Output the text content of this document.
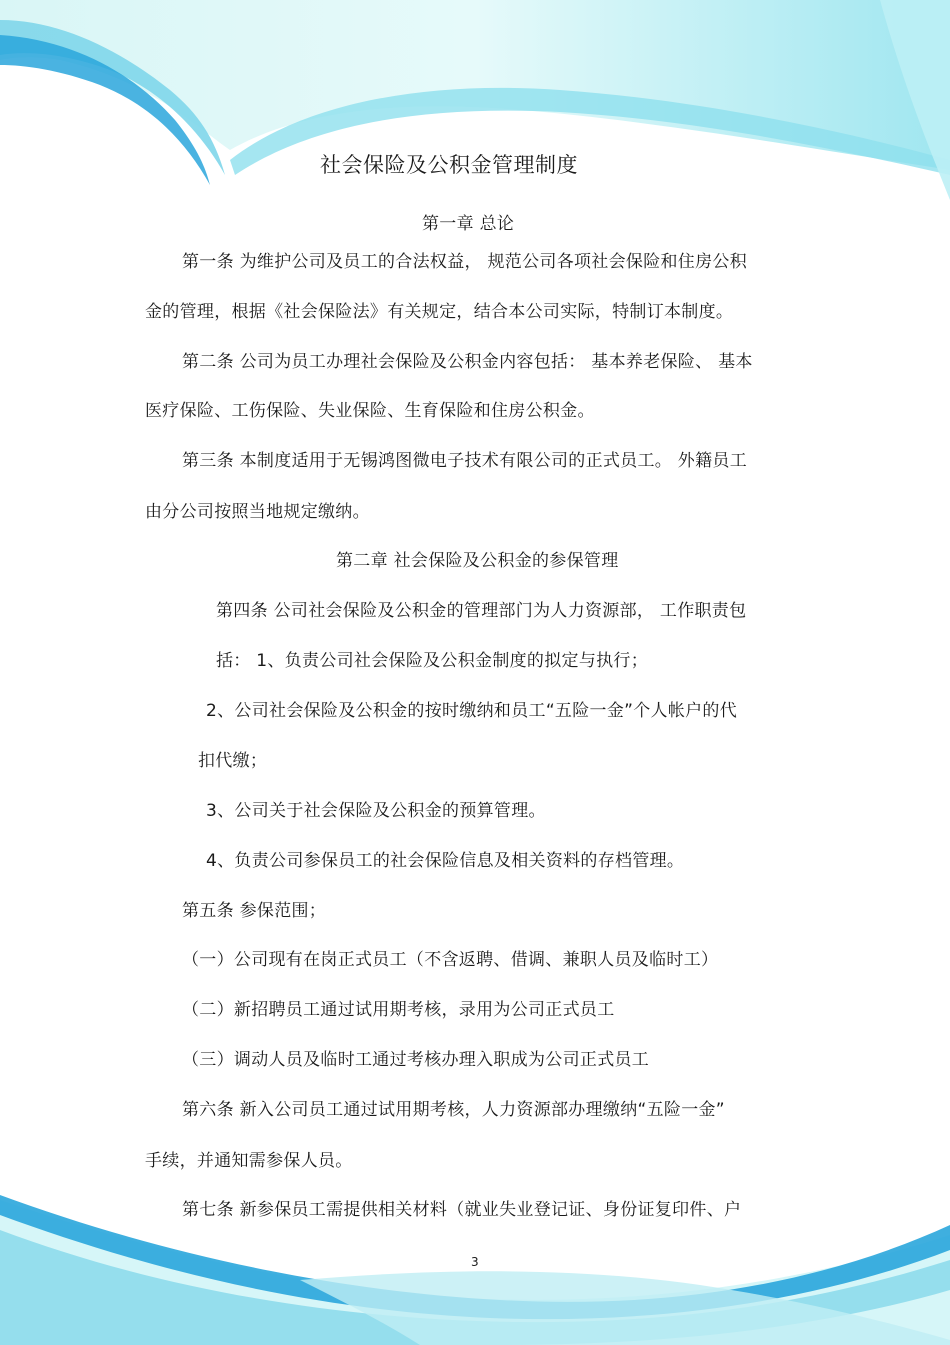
社会保险及公积金管理制度
第一章 总论
第一条 为维护公司及员工的合法权益， 规范公司各项社会保险和住房公积
金的管理，根据《社会保险法》有关规定，结合本公司实际，特制订本制度。
第二条 公司为员工办理社会保险及公积金内容包括： 基本养老保险、 基本
医疗保险、工伤保险、失业保险、生育保险和住房公积金。
第三条 本制度适用于无锡鸿图微电子技术有限公司的正式员工。 外籍员工
由分公司按照当地规定缴纳。
第二章 社会保险及公积金的参保管理
第四条 公司社会保险及公积金的管理部门为人力资源部， 工作职责包
括： 1、负责公司社会保险及公积金制度的拟定与执行；
2、公司社会保险及公积金的按时缴纳和员工“五险一金”个人帐户的代
扣代缴；
3、公司关于社会保险及公积金的预算管理。
4、负责公司参保员工的社会保险信息及相关资料的存档管理。
第五条 参保范围；
（一）公司现有在岗正式员工（不含返聘、借调、兼职人员及临时工）
（二）新招聘员工通过试用期考核，录用为公司正式员工
（三）调动人员及临时工通过考核办理入职成为公司正式员工
第六条 新入公司员工通过试用期考核，人力资源部办理缴纳“五险一金”
手续，并通知需参保人员。
第七条 新参保员工需提供相关材料（就业失业登记证、身份证复印件、户
3
